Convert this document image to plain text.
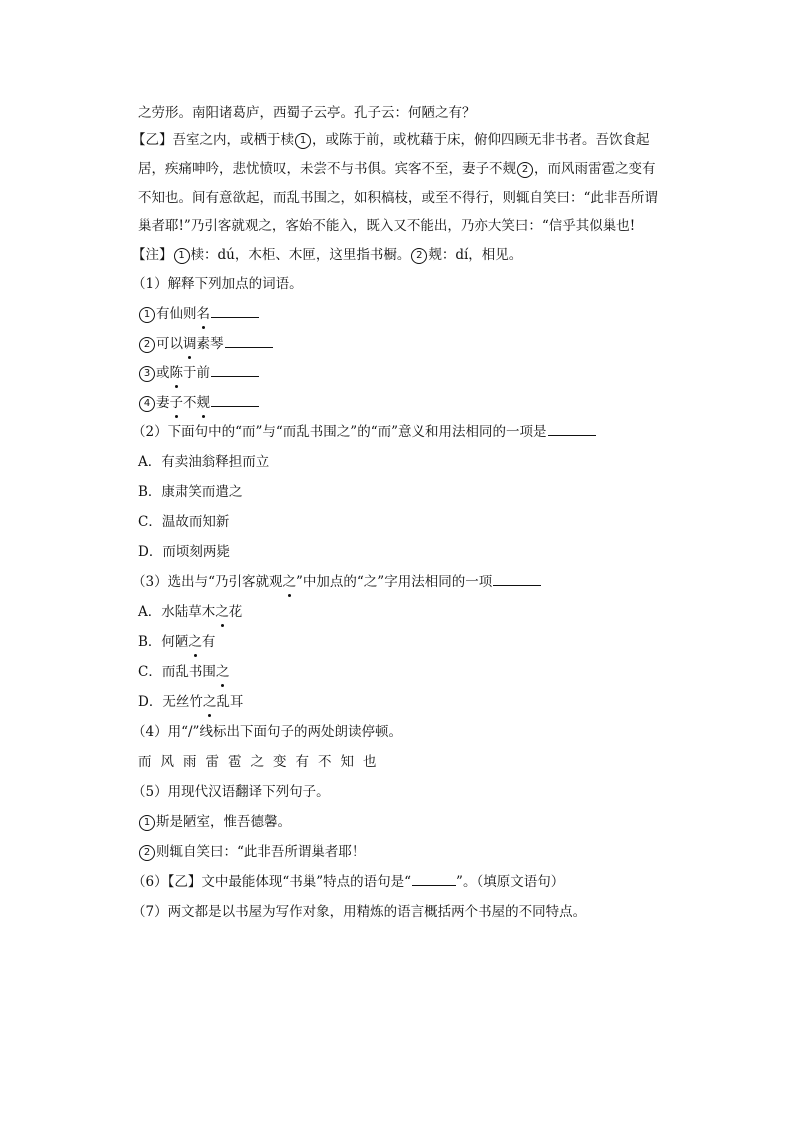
之劳形。南阳诸葛庐，西蜀子云亭。孔子云：何陋之有？
【乙】吾室之内，或栖于椟 1 ，或陈于前，或枕藉于床，俯仰四顾无非书者。吾饮食起
居，疾痛呻吟，悲忧愤叹，未尝不与书俱。宾客不至，妻子不觌 2 ，而风雨雷雹之变有
不知也。间有意欲起，而乱书围之，如积槁枝，或至不得行，则辄自笑曰：“此非吾所谓
巢者耶!”乃引客就观之，客始不能入，既入又不能出，乃亦大笑曰：“信乎其似巢也!
【注】 1 椟：dú，木柜、木匣，这里指书橱。 2 觌：dí，相见。
（1）解释下列加点的词语。
1 有仙则名
2 可以调素琴
3 或陈于前
4 妻子不觌
（2）下面句中的“而”与“而乱书围之”的“而”意义和用法相同的一项是
A．有卖油翁释担而立
B．康肃笑而遣之
C．温故而知新
D．而顷刻两毙
（3）选出与“乃引客就观之”中加点的“之”字用法相同的一项
A．水陆草木之花
B．何陋之有
C．而乱书围之
D．无丝竹之乱耳
（4）用“/”线标出下面句子的两处朗读停顿。
而风雨雷雹之变有不知也
（5）用现代汉语翻译下列句子。
1 斯是陋室，惟吾德馨。
2 则辄自笑曰：“此非吾所谓巢者耶！
（6）【乙】文中最能体现“书巢”特点的语句是“	”。（填原文语句）
（7）两文都是以书屋为写作对象，用精炼的语言概括两个书屋的不同特点。
